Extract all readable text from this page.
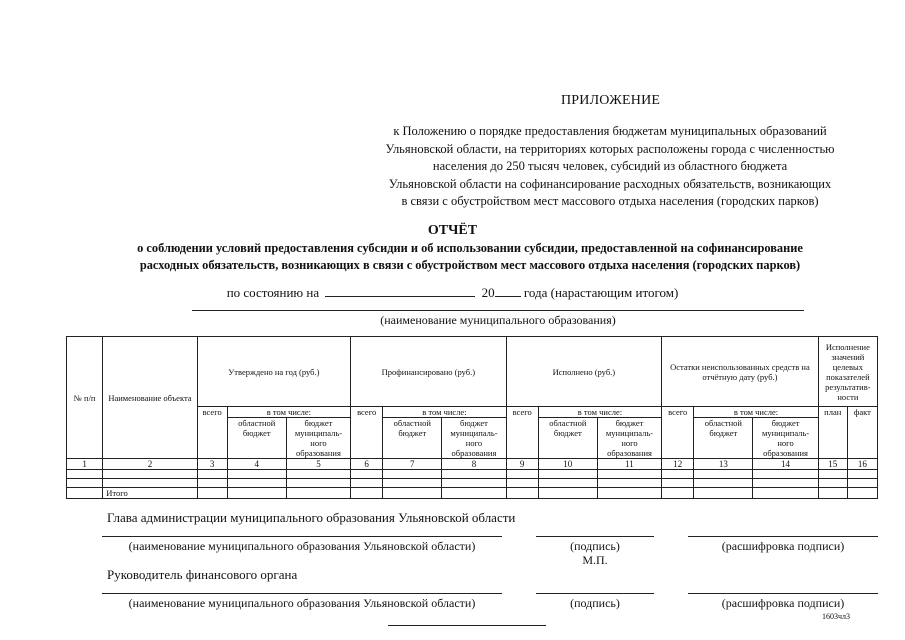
ПРИЛОЖЕНИЕ
к Положению о порядке предоставления бюджетам муниципальных образований
Ульяновской области, на территориях которых расположены города с численностью
населения до 250 тысяч человек, субсидий из областного бюджета
Ульяновской области на софинансирование расходных обязательств, возникающих
в связи с обустройством мест массового отдыха населения (городских парков)
ОТЧЁТ
о соблюдении условий предоставления субсидии и об использовании субсидии, предоставленной на софинансирование
расходных обязательств, возникающих в связи с обустройством мест массового отдыха населения (городских парков)
по состоянию на	20 года (нарастающим итогом)
(наименование муниципального образования)
№ п/п	Наименование объекта	Утверждено на год (руб.)			Профинансировано (руб.)			Исполнено (руб.)			Остатки неиспользованных средств на отчётную дату (руб.)			Исполнение значений целевых показателей результатив-ности	
		всего	в том числе:		всего	в том числе:		всего	в том числе:		всего	в том числе:		план	факт
			областной бюджет	бюджет муниципаль-ного образования		областной бюджет	бюджет муниципаль-ного образования		областной бюджет	бюджет муниципаль-ного образования		областной бюджет	бюджет муниципаль-ного образования		
1	2	3	4	5	6	7	8	9	10	11	12	13	14	15	16

	Итого														
Глава администрации муниципального образования Ульяновской области
(наименование муниципального образования Ульяновской области)	(подпись)
М.П.
(расшифровка подписи)
Руководитель финансового органа
(наименование муниципального образования Ульяновской области)	(подпись)	(расшифровка подписи)
1603чл3
